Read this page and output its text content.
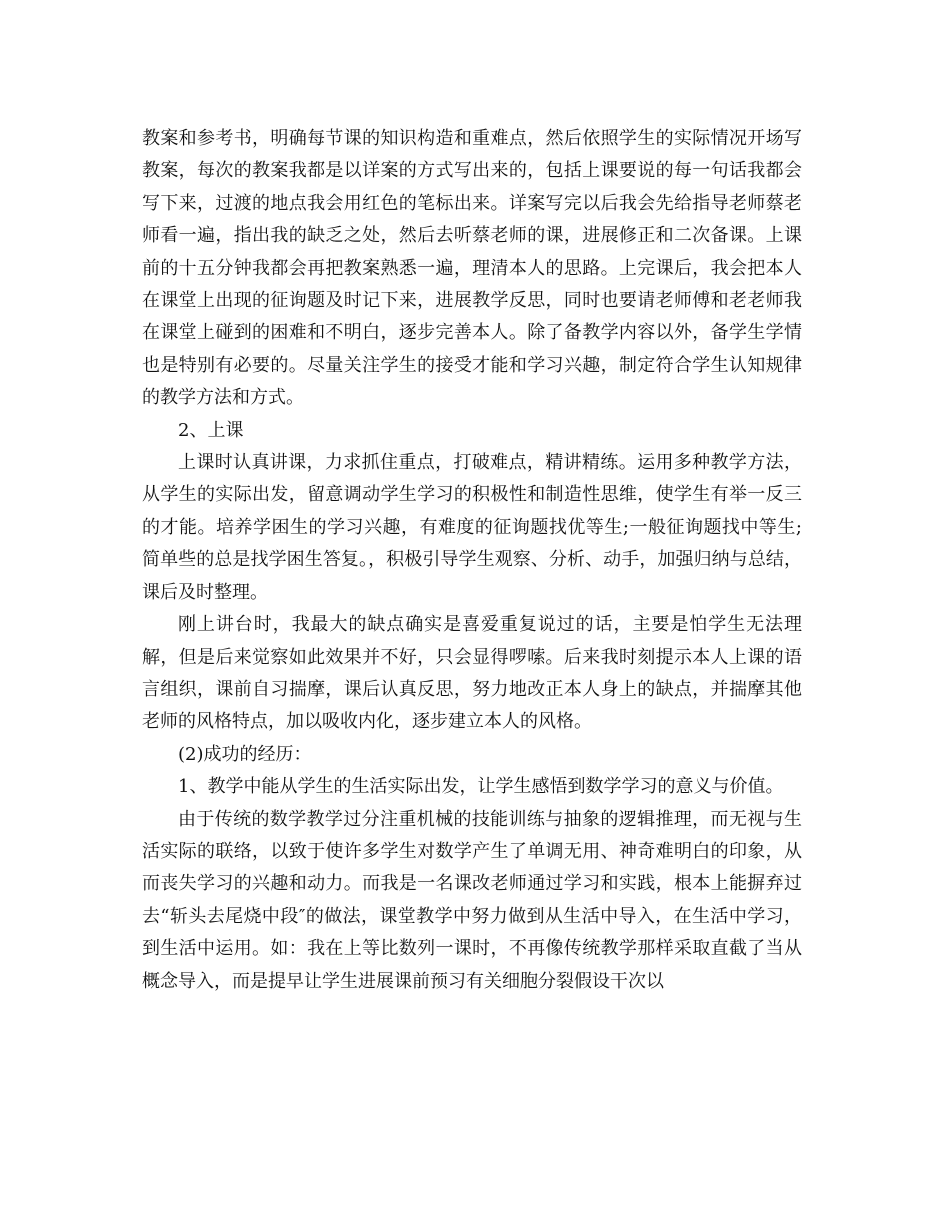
教案和参考书，明确每节课的知识构造和重难点，然后依照学生的实际情况开场写教案，每次的教案我都是以详案的方式写出来的，包括上课要说的每一句话我都会写下来，过渡的地点我会用红色的笔标出来。详案写完以后我会先给指导老师蔡老师看一遍，指出我的缺乏之处，然后去听蔡老师的课，进展修正和二次备课。上课前的十五分钟我都会再把教案熟悉一遍，理清本人的思路。上完课后，我会把本人在课堂上出现的征询题及时记下来，进展教学反思，同时也要请老师傅和老老师我在课堂上碰到的困难和不明白，逐步完善本人。除了备教学内容以外，备学生学情也是特别有必要的。尽量关注学生的接受才能和学习兴趣，制定符合学生认知规律的教学方法和方式。

2、上课

上课时认真讲课，力求抓住重点，打破难点，精讲精练。运用多种教学方法，从学生的实际出发，留意调动学生学习的积极性和制造性思维，使学生有举一反三的才能。培养学困生的学习兴趣，有难度的征询题找优等生;一般征询题找中等生;简单些的总是找学困生答复。，积极引导学生观察、分析、动手，加强归纳与总结，课后及时整理。

刚上讲台时，我最大的缺点确实是喜爱重复说过的话，主要是怕学生无法理解，但是后来觉察如此效果并不好，只会显得啰嗦。后来我时刻提示本人上课的语言组织，课前自习揣摩，课后认真反思，努力地改正本人身上的缺点，并揣摩其他老师的风格特点，加以吸收内化，逐步建立本人的风格。

(2)成功的经历：

1、教学中能从学生的生活实际出发，让学生感悟到数学学习的意义与价值。

由于传统的数学教学过分注重机械的技能训练与抽象的逻辑推理，而无视与生活实际的联络，以致于使许多学生对数学产生了单调无用、神奇难明白的印象，从而丧失学习的兴趣和动力。而我是一名课改老师通过学习和实践，根本上能摒弃过去“斩头去尾烧中段″的做法，课堂教学中努力做到从生活中导入，在生活中学习，到生活中运用。如：我在上等比数列一课时，不再像传统教学那样采取直截了当从概念导入，而是提早让学生进展课前预习有关细胞分裂假设干次以
